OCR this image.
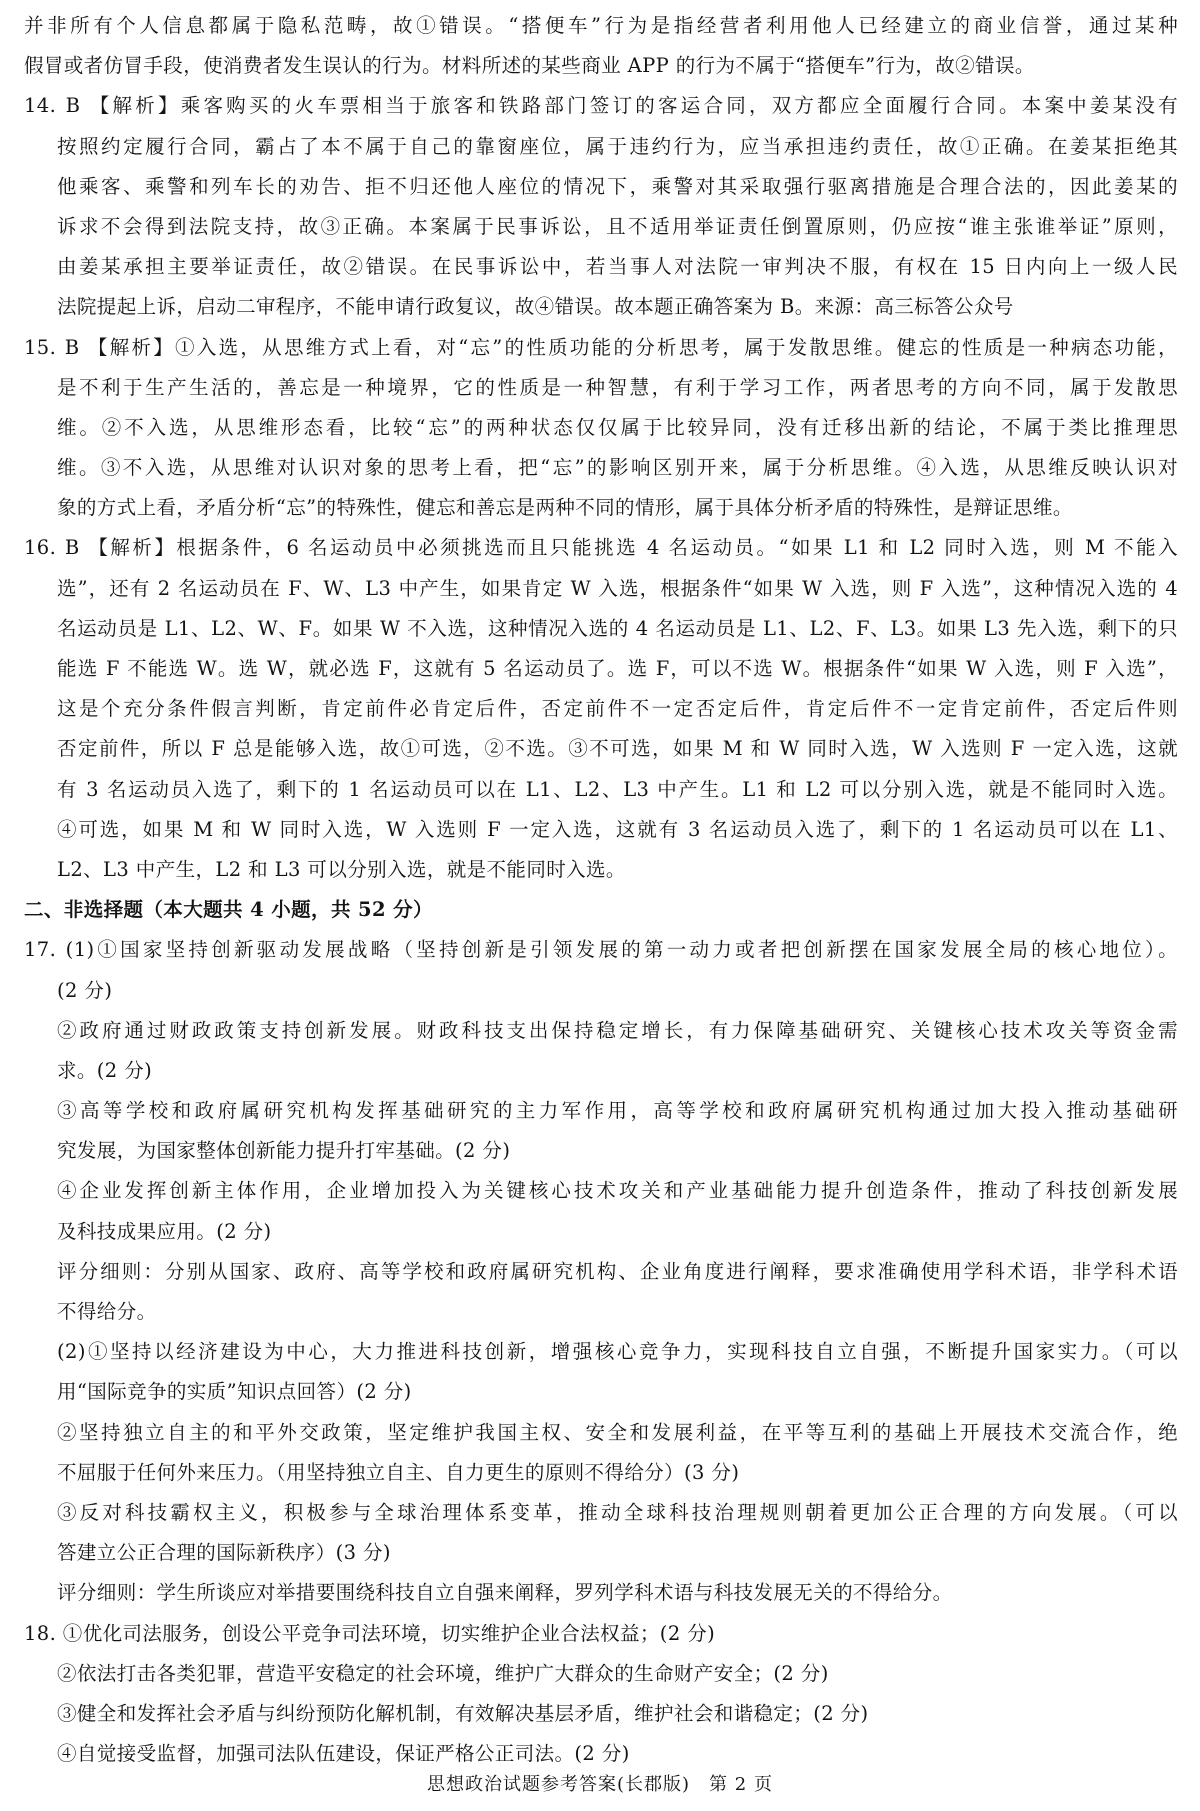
并非所有个人信息都属于隐私范畴，故①错误。“搭便车”行为是指经营者利用他人已经建立的商业信誉，通过某种
假冒或者仿冒手段，使消费者发生误认的行为。材料所述的某些商业 APP 的行为不属于“搭便车”行为，故②错误。
14. B 【解析】乘客购买的火车票相当于旅客和铁路部门签订的客运合同，双方都应全面履行合同。本案中姜某没有
按照约定履行合同，霸占了本不属于自己的靠窗座位，属于违约行为，应当承担违约责任，故①正确。在姜某拒绝其
他乘客、乘警和列车长的劝告、拒不归还他人座位的情况下，乘警对其采取强行驱离措施是合理合法的，因此姜某的
诉求不会得到法院支持，故③正确。本案属于民事诉讼，且不适用举证责任倒置原则，仍应按“谁主张谁举证”原则，
由姜某承担主要举证责任，故②错误。在民事诉讼中，若当事人对法院一审判决不服，有权在 15 日内向上一级人民
法院提起上诉，启动二审程序，不能申请行政复议，故④错误。故本题正确答案为 B。来源：高三标答公众号
15. B 【解析】①入选，从思维方式上看，对“忘”的性质功能的分析思考，属于发散思维。健忘的性质是一种病态功能，
是不利于生产生活的，善忘是一种境界，它的性质是一种智慧，有利于学习工作，两者思考的方向不同，属于发散思
维。②不入选，从思维形态看，比较“忘”的两种状态仅仅属于比较异同，没有迁移出新的结论，不属于类比推理思
维。③不入选，从思维对认识对象的思考上看，把“忘”的影响区别开来，属于分析思维。④入选，从思维反映认识对
象的方式上看，矛盾分析“忘”的特殊性，健忘和善忘是两种不同的情形，属于具体分析矛盾的特殊性，是辩证思维。
16. B 【解析】根据条件，6 名运动员中必须挑选而且只能挑选 4 名运动员。“如果 L1 和 L2 同时入选，则 M 不能入
选”，还有 2 名运动员在 F、W、L3 中产生，如果肯定 W 入选，根据条件“如果 W 入选，则 F 入选”，这种情况入选的 4
名运动员是 L1、L2、W、F。如果 W 不入选，这种情况入选的 4 名运动员是 L1、L2、F、L3。如果 L3 先入选，剩下的只
能选 F 不能选 W。选 W，就必选 F，这就有 5 名运动员了。选 F，可以不选 W。根据条件“如果 W 入选，则 F 入选”，
这是个充分条件假言判断，肯定前件必肯定后件，否定前件不一定否定后件，肯定后件不一定肯定前件，否定后件则
否定前件，所以 F 总是能够入选，故①可选，②不选。③不可选，如果 M 和 W 同时入选，W 入选则 F 一定入选，这就
有 3 名运动员入选了，剩下的 1 名运动员可以在 L1、L2、L3 中产生。L1 和 L2 可以分别入选，就是不能同时入选。
④可选，如果 M 和 W 同时入选，W 入选则 F 一定入选，这就有 3 名运动员入选了，剩下的 1 名运动员可以在 L1、
L2、L3 中产生，L2 和 L3 可以分别入选，就是不能同时入选。
二、非选择题（本大题共 4 小题，共 52 分）
17. (1)①国家坚持创新驱动发展战略（坚持创新是引领发展的第一动力或者把创新摆在国家发展全局的核心地位）。
(2 分)
②政府通过财政政策支持创新发展。财政科技支出保持稳定增长，有力保障基础研究、关键核心技术攻关等资金需
求。(2 分)
③高等学校和政府属研究机构发挥基础研究的主力军作用，高等学校和政府属研究机构通过加大投入推动基础研
究发展，为国家整体创新能力提升打牢基础。(2 分)
④企业发挥创新主体作用，企业增加投入为关键核心技术攻关和产业基础能力提升创造条件，推动了科技创新发展
及科技成果应用。(2 分)
评分细则：分别从国家、政府、高等学校和政府属研究机构、企业角度进行阐释，要求准确使用学科术语，非学科术语
不得给分。
(2)①坚持以经济建设为中心，大力推进科技创新，增强核心竞争力，实现科技自立自强，不断提升国家实力。（可以
用“国际竞争的实质”知识点回答）(2 分)
②坚持独立自主的和平外交政策，坚定维护我国主权、安全和发展利益，在平等互利的基础上开展技术交流合作，绝
不屈服于任何外来压力。（用坚持独立自主、自力更生的原则不得给分）(3 分)
③反对科技霸权主义，积极参与全球治理体系变革，推动全球科技治理规则朝着更加公正合理的方向发展。（可以
答建立公正合理的国际新秩序）(3 分)
评分细则：学生所谈应对举措要围绕科技自立自强来阐释，罗列学科术语与科技发展无关的不得给分。
18. ①优化司法服务，创设公平竞争司法环境，切实维护企业合法权益；(2 分)
②依法打击各类犯罪，营造平安稳定的社会环境，维护广大群众的生命财产安全；(2 分)
③健全和发挥社会矛盾与纠纷预防化解机制，有效解决基层矛盾，维护社会和谐稳定；(2 分)
④自觉接受监督，加强司法队伍建设，保证严格公正司法。(2 分)
思想政治试题参考答案(长郡版)　第 2 页
